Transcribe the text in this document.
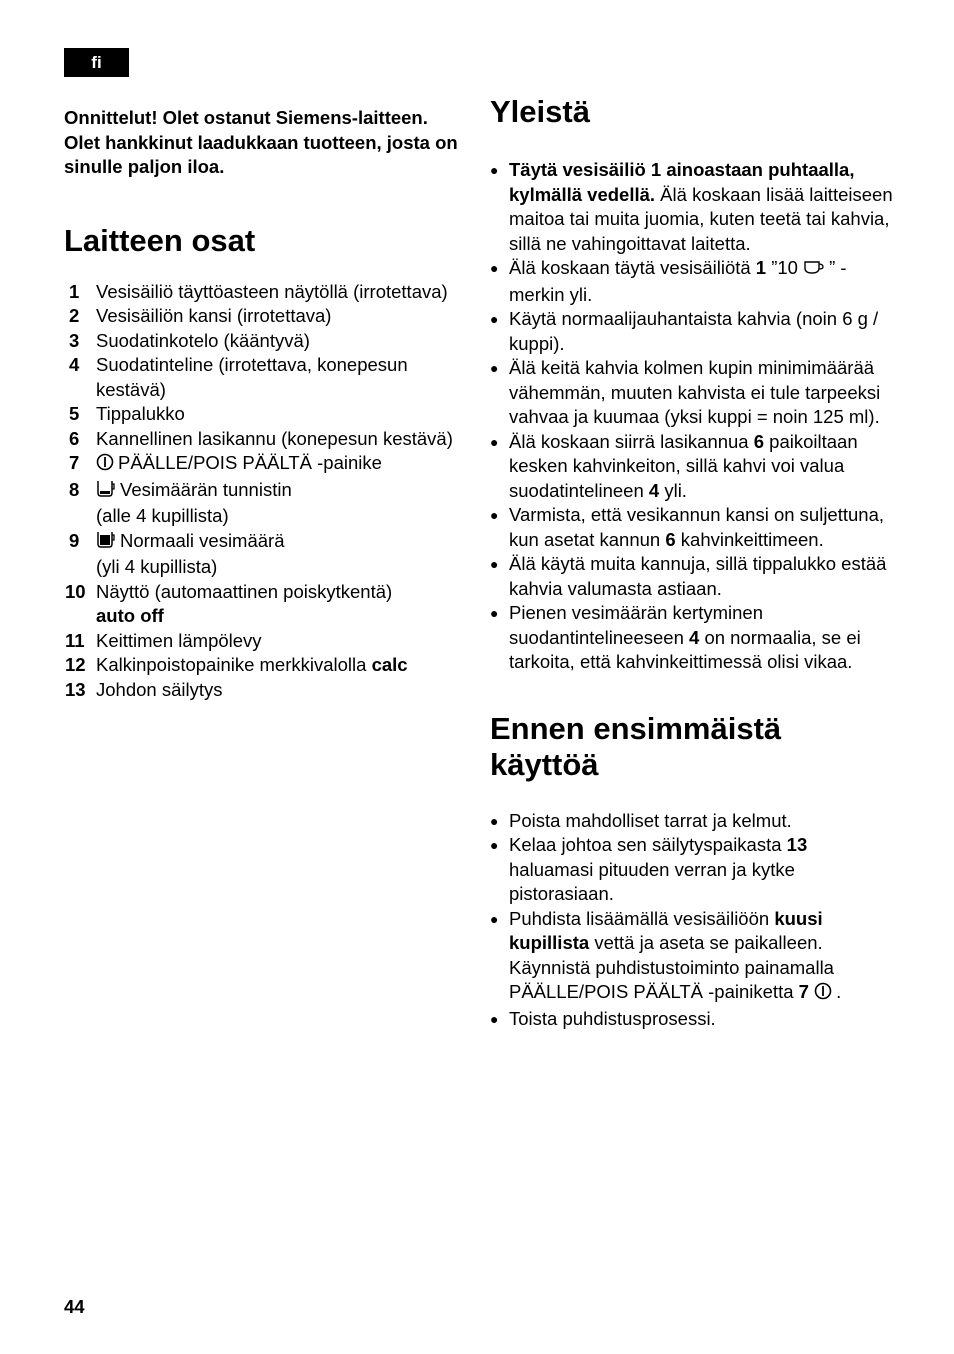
fi

Onnittelut! Olet ostanut Siemens-laitteen. Olet hankkinut laadukkaan tuotteen, josta on sinulle paljon iloa.

Laitteen osat
1 Vesisäiliö täyttöasteen näytöllä (irrotettava)
2 Vesisäiliön kansi (irrotettava)
3 Suodatinkotelo (kääntyvä)
4 Suodatinteline (irrotettava, konepesun kestävä)
5 Tippalukko
6 Kannellinen lasikannu (konepesun kestävä)
7	PÄÄLLE/POIS PÄÄLTÄ -painike
8	Vesimäärän tunnistin
(alle 4 kupillista)
9	Normaali vesimäärä
(yli 4 kupillista)
10 Näyttö (automaattinen poiskytkentä)
auto off
11 Keittimen lämpölevy
12 Kalkinpoistopainike merkkivalolla calc
13 Johdon säilytys
Yleistä
● Täytä vesisäiliö 1 ainoastaan puhtaalla, kylmällä vedellä. Älä koskaan lisää laitteiseen maitoa tai muita juomia, kuten teetä tai kahvia, sillä ne vahingoittavat laitetta.
● Älä koskaan täytä vesisäiliötä 1 ”10 ” -merkin yli.
● Käytä normaalijauhantaista kahvia (noin 6 g / kuppi).
● Älä keitä kahvia kolmen kupin minimimäärää vähemmän, muuten kahvista ei tule tarpeeksi vahvaa ja kuumaa (yksi kuppi = noin 125 ml).
● Älä koskaan siirrä lasikannua 6 paikoiltaan kesken kahvinkeiton, sillä kahvi voi valua suodatintelineen 4 yli.
● Varmista, että vesikannun kansi on suljettuna, kun asetat kannun 6 kahvinkeittimeen.
● Älä käytä muita kannuja, sillä tippalukko estää kahvia valumasta astiaan.
● Pienen vesimäärän kertyminen suodantintelineeseen 4 on normaalia, se ei tarkoita, että kahvinkeittimessä olisi vikaa.
Ennen ensimmäistä käyttöä
● Poista mahdolliset tarrat ja kelmut.
● Kelaa johtoa sen säilytyspaikasta 13 haluamasi pituuden verran ja kytke pistorasiaan.
● Puhdista lisäämällä vesisäiliöön kuusi kupillista vettä ja aseta se paikalleen. Käynnistä puhdistustoiminto painamalla PÄÄLLE/POIS PÄÄLTÄ -painiketta 7 .
● Toista puhdistusprosessi.
44
